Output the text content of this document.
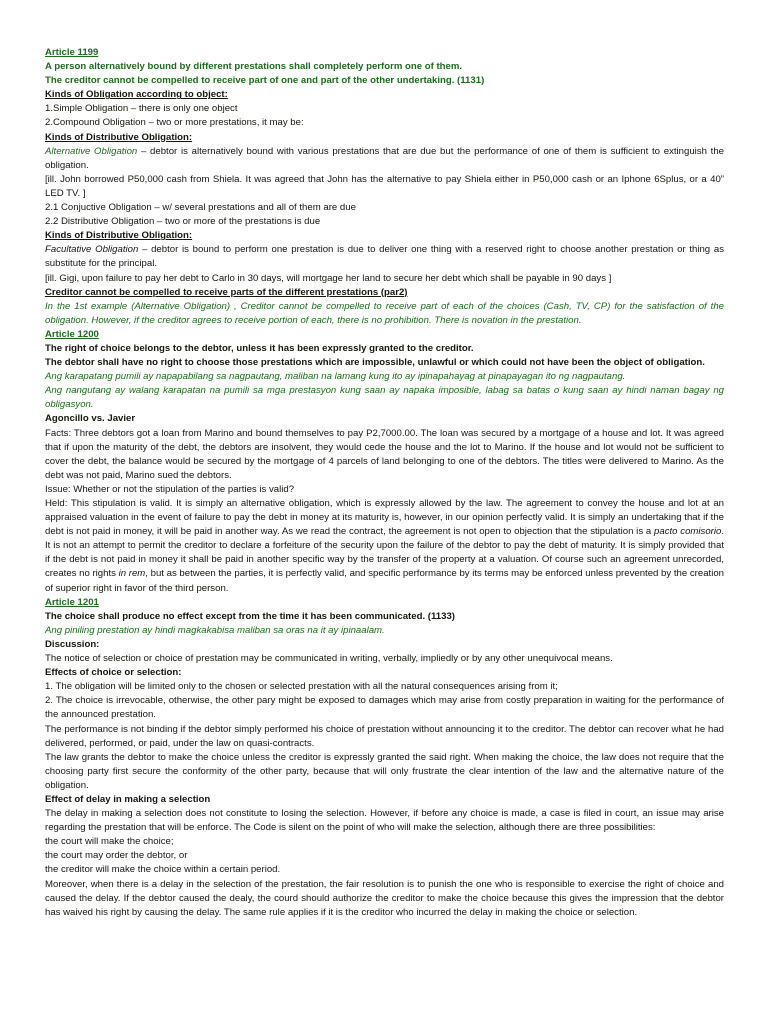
Article 1199
A person alternatively bound by different prestations shall completely perform one of them.
The creditor cannot be compelled to receive part of one and part of the other undertaking. (1131)
Kinds of Obligation according to object:
1.Simple Obligation – there is only one object
2.Compound Obligation – two or more prestations, it may be:
Kinds of Distributive Obligation:
Alternative Obligation – debtor is alternatively bound with various prestations that are due but the performance of one of them is sufficient to extinguish the obligation.
[ill. John borrowed P50,000 cash from Shiela. It was agreed that John has the alternative to pay Shiela either in P50,000 cash or an Iphone 6Splus, or a 40” LED TV. ]
2.1 Conjuctive Obligation – w/ several prestations and all of them are due
2.2 Distributive Obligation – two or more of the prestations is due
Kinds of Distributive Obligation:
Facultative Obligation – debtor is bound to perform one prestation is due to deliver one thing with a reserved right to choose another prestation or thing as substitute for the principal.
[ill. Gigi, upon failure to pay her debt to Carlo in 30 days, will mortgage her land to secure her debt which shall be payable in 90 days ]
Creditor cannot be compelled to receive parts of the different prestations (par2)
In the 1st example (Alternative Obligation) , Creditor cannot be compelled to receive part of each of the choices (Cash, TV, CP) for the satisfaction of the obligation. However, if the creditor agrees to receive portion of each, there is no prohibition. There is novation in the prestation.
Article 1200
The right of choice belongs to the debtor, unless it has been expressly granted to the creditor.
The debtor shall have no right to choose those prestations which are impossible, unlawful or which could not have been the object of obligation.
Ang karapatang pumili ay napapabilang sa nagpautang, maliban na lamang kung ito ay ipinapahayag at pinapayagan ito ng nagpautang.
Ang nangutang ay walang karapatan na pumili sa mga prestasyon kung saan ay napaka imposible, labag sa batas o kung saan ay hindi naman bagay ng obligasyon.
Agoncillo vs. Javier
Facts: Three debtors got a loan from Marino and bound themselves to pay P2,7000.00. The loan was secured by a mortgage of a house and lot. It was agreed that if upon the maturity of the debt, the debtors are insolvent, they would cede the house and the lot to Marino. If the house and lot would not be sufficient to cover the debt, the balance would be secured by the mortgage of 4 parcels of land belonging to one of the debtors. The titles were delivered to Marino. As the debt was not paid, Marino sued the debtors.
Issue: Whether or not the stipulation of the parties is valid?
Held: This stipulation is valid. It is simply an alternative obligation, which is expressly allowed by the law. The agreement to convey the house and lot at an appraised valuation in the event of failure to pay the debt in money at its maturity is, however, in our opinion perfectly valid. It is simply an undertaking that if the debt is not paid in money, it will be paid in another way. As we read the contract, the agreement is not open to objection that the stipulation is a pacto comisorio. It is not an attempt to permit the creditor to declare a forfeiture of the security upon the failure of the debtor to pay the debt of maturity. It is simply provided that if the debt is not paid in money it shall be paid in another specific way by the transfer of the property at a valuation. Of course such an agreement unrecorded, creates no rights in rem, but as between the parties, it is perfectly valid, and specific performance by its terms may be enforced unless prevented by the creation of superior right in favor of the third person.
Article 1201
The choice shall produce no effect except from the time it has been communicated. (1133)
Ang piniling prestation ay hindi magkakabisa maliban sa oras na it ay ipinaalam.
Discussion:
The notice of selection or choice of prestation may be communicated in writing, verbally, impliedly or by any other unequivocal means.
Effects of choice or selection:
1. The obligation will be limited only to the chosen or selected prestation with all the natural consequences arising from it;
2. The choice is irrevocable, otherwise, the other pary might be exposed to damages which may arise from costly preparation in waiting for the performance of the announced prestation.
The performance is not binding if the debtor simply performed his choice of prestation without announcing it to the creditor. The debtor can recover what he had delivered, performed, or paid, under the law on quasi-contracts.
The law grants the debtor to make the choice unless the creditor is expressly granted the said right. When making the choice, the law does not require that the choosing party first secure the conformity of the other party, because that will only frustrate the clear intention of the law and the alternative nature of the obligation.
Effect of delay in making a selection
The delay in making a selection does not constitute to losing the selection. However, if before any choice is made, a case is filed in court, an issue may arise regarding the prestation that will be enforce. The Code is silent on the point of who will make the selection, although there are three possibilities:
the court will make the choice;
the court may order the debtor, or
the creditor will make the choice within a certain period.
Moreover, when there is a delay in the selection of the prestation, the fair resolution is to punish the one who is responsible to exercise the right of choice and caused the delay. If the debtor caused the dealy, the courd should authorize the creditor to make the choice because this gives the impression that the debtor has waived his right by causing the delay. The same rule applies if it is the creditor who incurred the delay in making the choice or selection.
